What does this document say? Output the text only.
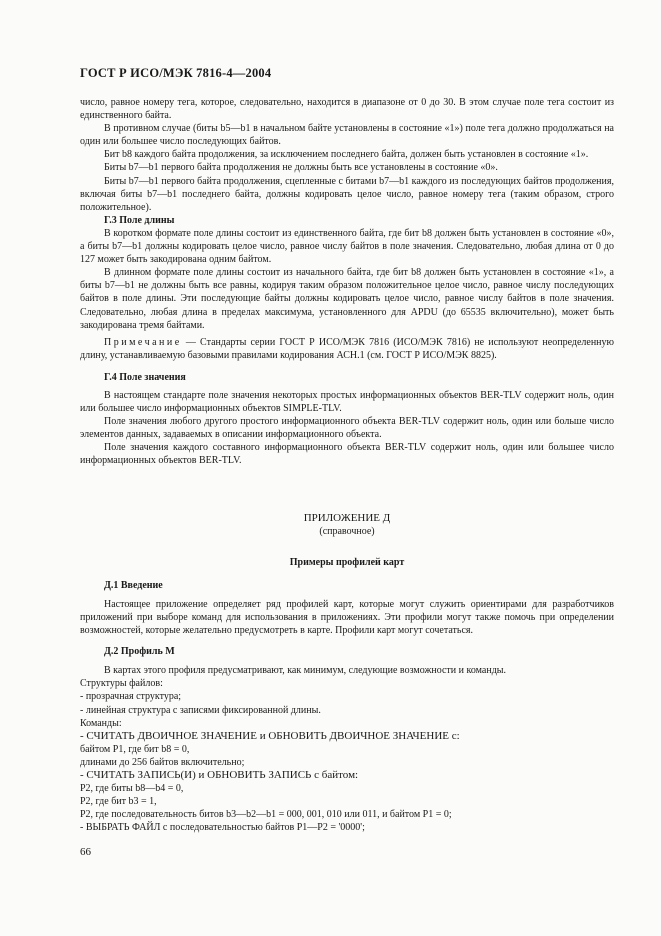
ГОСТ Р ИСО/МЭК 7816-4—2004

число, равное номеру тега, которое, следовательно, находится в диапазоне от 0 до 30. В этом случае поле тега состоит из единственного байта.

В противном случае (биты b5—b1 в начальном байте установлены в состояние «1») поле тега должно продолжаться на один или большее число последующих байтов.

Бит b8 каждого байта продолжения, за исключением последнего байта, должен быть установлен в состояние «1».

Биты b7—b1 первого байта продолжения не должны быть все установлены в состояние «0».

Биты b7—b1 первого байта продолжения, сцепленные с битами b7—b1 каждого из последующих байтов продолжения, включая биты b7—b1 последнего байта, должны кодировать целое число, равное номеру тега (таким образом, строго положительное).

Г.3 Поле длины

В коротком формате поле длины состоит из единственного байта, где бит b8 должен быть установлен в состояние «0», а биты b7—b1 должны кодировать целое число, равное числу байтов в поле значения. Следовательно, любая длина от 0 до 127 может быть закодирована одним байтом.

В длинном формате поле длины состоит из начального байта, где бит b8 должен быть установлен в состояние «1», а биты b7—b1 не должны быть все равны, кодируя таким образом положительное целое число, равное числу последующих байтов в поле длины. Эти последующие байты должны кодировать целое число, равное числу байтов в поле значения. Следовательно, любая длина в пределах максимума, установленного для APDU (до 65535 включительно), может быть закодирована тремя байтами.

Примечание — Стандарты серии ГОСТ Р ИСО/МЭК 7816 (ИСО/МЭК 7816) не используют неопределенную длину, устанавливаемую базовыми правилами кодирования АСН.1 (см. ГОСТ Р ИСО/МЭК 8825).

Г.4 Поле значения

В настоящем стандарте поле значения некоторых простых информационных объектов BER-TLV содержит ноль, один или большее число информационных объектов SIMPLE-TLV.

Поле значения любого другого простого информационного объекта BER-TLV содержит ноль, один или больше число элементов данных, задаваемых в описании информационного объекта.

Поле значения каждого составного информационного объекта BER-TLV содержит ноль, один или большее число информационных объектов BER-TLV.

ПРИЛОЖЕНИЕ Д

(справочное)

Примеры профилей карт

Д.1 Введение

Настоящее приложение определяет ряд профилей карт, которые могут служить ориентирами для разработчиков приложений при выборе команд для использования в приложениях. Эти профили могут также помочь при определении возможностей, которые желательно предусмотреть в карте. Профили карт могут сочетаться.

Д.2 Профиль M

В картах этого профиля предусматривают, как минимум, следующие возможности и команды.

Структуры файлов:

- прозрачная структура;

- линейная структура с записями фиксированной длины.

Команды:

- СЧИТАТЬ ДВОИЧНОЕ ЗНАЧЕНИЕ и ОБНОВИТЬ ДВОИЧНОЕ ЗНАЧЕНИЕ с:

байтом P1, где бит b8 = 0,

длинами до 256 байтов включительно;

- СЧИТАТЬ ЗАПИСЬ(И) и ОБНОВИТЬ ЗАПИСЬ с байтом:

P2, где биты b8—b4 = 0,

P2, где бит b3 = 1,

P2, где последовательность битов b3—b2—b1 = 000, 001, 010 или 011, и байтом P1 = 0;

- ВЫБРАТЬ ФАЙЛ с последовательностью байтов P1—P2 = '0000';

66
